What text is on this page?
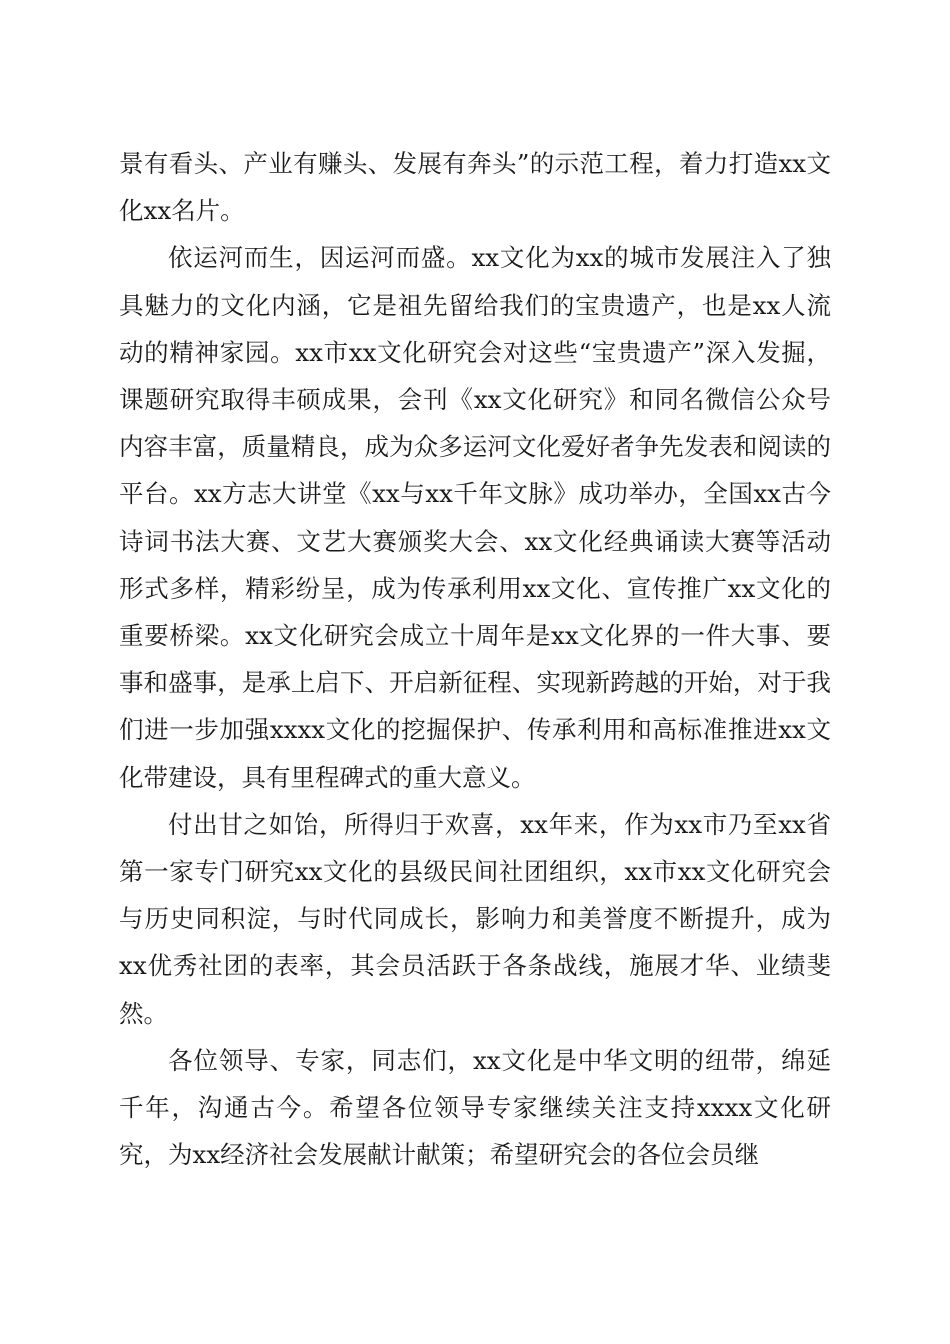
景有看头、产业有赚头、发展有奔头”的示范工程，着力打造xx文化xx名片。

依运河而生，因运河而盛。xx文化为xx的城市发展注入了独具魅力的文化内涵，它是祖先留给我们的宝贵遗产，也是xx人流动的精神家园。xx市xx文化研究会对这些“宝贵遗产”深入发掘，课题研究取得丰硕成果，会刊《xx文化研究》和同名微信公众号内容丰富，质量精良，成为众多运河文化爱好者争先发表和阅读的平台。xx方志大讲堂《xx与xx千年文脉》成功举办，全国xx古今诗词书法大赛、文艺大赛颁奖大会、xx文化经典诵读大赛等活动形式多样，精彩纷呈，成为传承利用xx文化、宣传推广xx文化的重要桥梁。xx文化研究会成立十周年是xx文化界的一件大事、要事和盛事，是承上启下、开启新征程、实现新跨越的开始，对于我们进一步加强xxxx文化的挖掘保护、传承利用和高标准推进xx文化带建设，具有里程碑式的重大意义。

付出甘之如饴，所得归于欢喜，xx年来，作为xx市乃至xx省第一家专门研究xx文化的县级民间社团组织，xx市xx文化研究会与历史同积淀，与时代同成长，影响力和美誉度不断提升，成为xx优秀社团的表率，其会员活跃于各条战线，施展才华、业绩斐然。

各位领导、专家，同志们，xx文化是中华文明的纽带，绵延千年，沟通古今。希望各位领导专家继续关注支持xxxx文化研究，为xx经济社会发展献计献策；希望研究会的各位会员继
